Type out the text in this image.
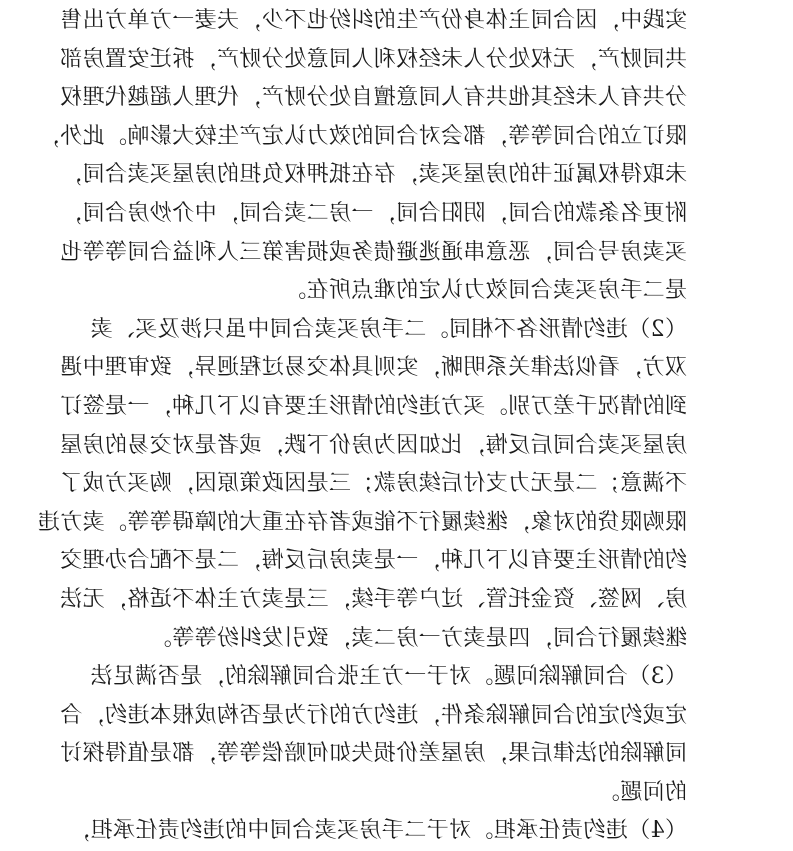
实践中，因合同主体身份产生的纠纷也不少，夫妻一方单方出售
共同财产，无权处分人未经权利人同意处分财产，拆迁安置房部
分共有人未经其他共有人同意擅自处分财产，代理人超越代理权
限订立的合同等等，都会对合同的效力认定产生较大影响。此外，
未取得权属证书的房屋买卖，存在抵押权负担的房屋买卖合同，
附更名条款的合同，阴阳合同，一房二卖合同，中介炒房合同，
买卖房号合同，恶意串通逃避债务或损害第三人利益合同等等也
是二手房买卖合同效力认定的难点所在。
（2）违约情形各不相同。二手房买卖合同中虽只涉及买、卖
双方，看似法律关系明晰，实则具体交易过程迥异，致审理中遇
到的情况千差万别。买方违约的情形主要有以下几种，一是签订
房屋买卖合同后反悔，比如因为房价下跌，或者是对交易的房屋
不满意；二是无力支付后续房款；三是因政策原因，购买方成了
限购限贷的对象，继续履行不能或者存在重大的障碍等等。卖方违
约的情形主要有以下几种，一是卖房后反悔，二是不配合办理交
房、网签、资金托管、过户等手续，三是卖方主体不适格，无法
继续履行合同，四是卖方一房二卖，致引发纠纷等等。
（3）合同解除问题。对于一方主张合同解除的，是否满足法
定或约定的合同解除条件，违约方的行为是否构成根本违约，合
同解除的法律后果，房屋差价损失如何赔偿等等，都是值得探讨
的问题。
（4）违约责任承担。对于二手房买卖合同中的违约责任承担，
